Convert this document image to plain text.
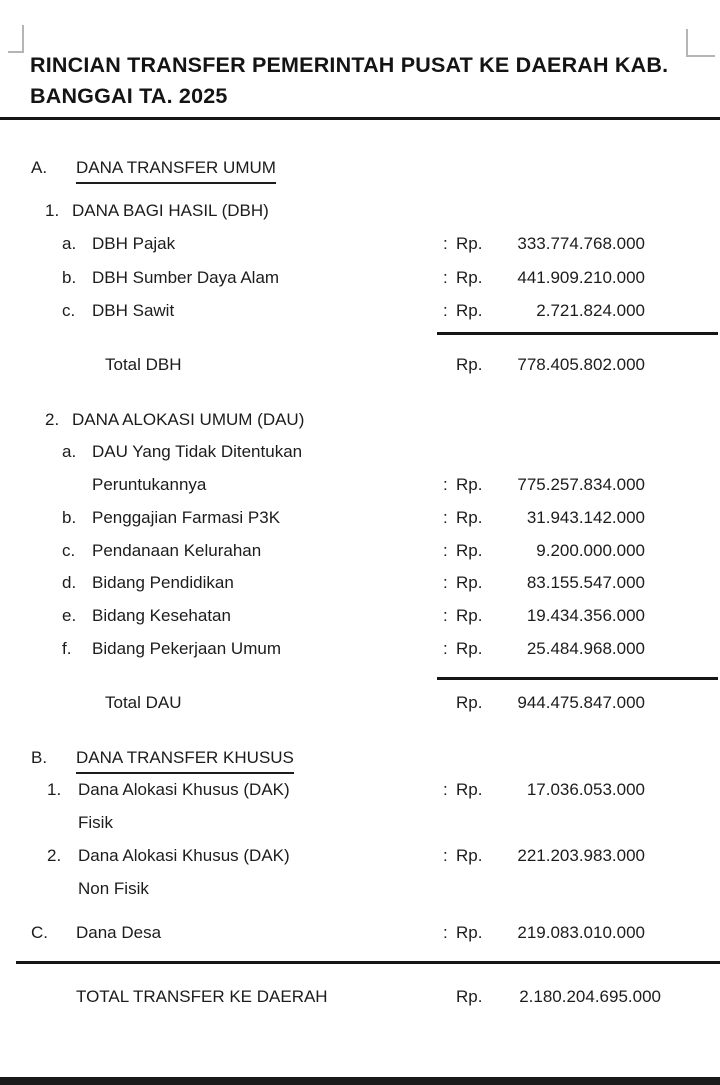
RINCIAN TRANSFER PEMERINTAH PUSAT KE DAERAH KAB.
BANGGAI TA. 2025
A. DANA TRANSFER UMUM
1. DANA BAGI HASIL (DBH)
a. DBH Pajak	: Rp.	333.774.768.000
b. DBH Sumber Daya Alam	: Rp.	441.909.210.000
c. DBH Sawit	: Rp.	2.721.824.000
Total DBH	Rp.	778.405.802.000
2. DANA ALOKASI UMUM (DAU)
a. DAU Yang Tidak Ditentukan
Peruntukannya	: Rp.	775.257.834.000
b. Penggajian Farmasi P3K	: Rp.	31.943.142.000
c. Pendanaan Kelurahan	: Rp.	9.200.000.000
d. Bidang Pendidikan	: Rp.	83.155.547.000
e. Bidang Kesehatan	: Rp.	19.434.356.000
f. Bidang Pekerjaan Umum	: Rp.	25.484.968.000
Total DAU	Rp.	944.475.847.000
B. DANA TRANSFER KHUSUS
1. Dana Alokasi Khusus (DAK)	: Rp.	17.036.053.000
Fisik
2. Dana Alokasi Khusus (DAK)	: Rp.	221.203.983.000
Non Fisik
C. Dana Desa	: Rp.	219.083.010.000
TOTAL TRANSFER KE DAERAH	Rp.	2.180.204.695.000
